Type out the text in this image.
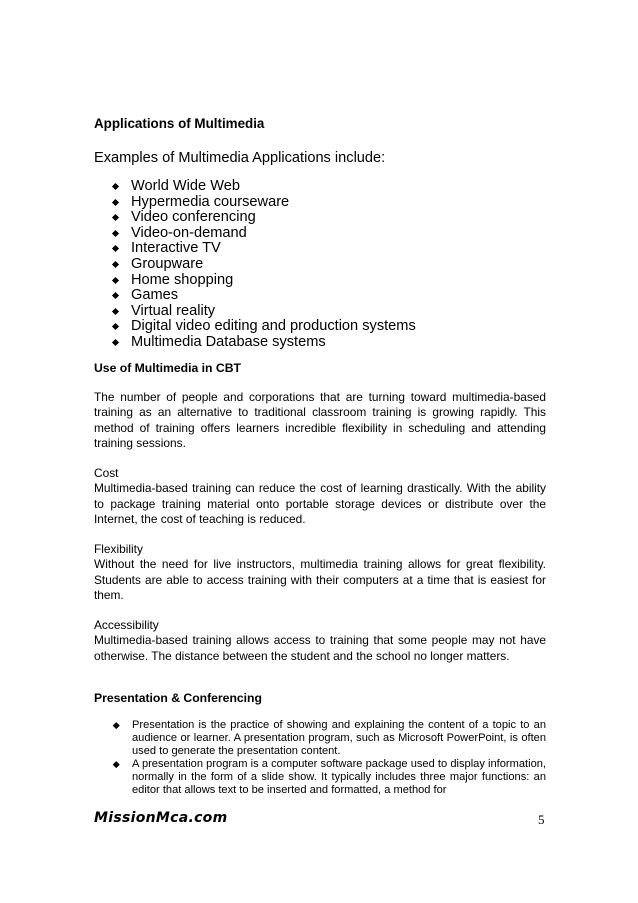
Applications of Multimedia

Examples of Multimedia Applications include:

World Wide Web
Hypermedia courseware
Video conferencing
Video-on-demand
Interactive TV
Groupware
Home shopping
Games
Virtual reality
Digital video editing and production systems
Multimedia Database systems

Use of Multimedia in CBT

The number of people and corporations that are turning toward multimedia-based training as an alternative to traditional classroom training is growing rapidly. This method of training offers learners incredible flexibility in scheduling and attending training sessions.

Cost

Multimedia-based training can reduce the cost of learning drastically. With the ability to package training material onto portable storage devices or distribute over the Internet, the cost of teaching is reduced.

Flexibility

Without the need for live instructors, multimedia training allows for great flexibility. Students are able to access training with their computers at a time that is easiest for them.

Accessibility

Multimedia-based training allows access to training that some people may not have otherwise. The distance between the student and the school no longer matters.

Presentation & Conferencing

Presentation is the practice of showing and explaining the content of a topic to an audience or learner. A presentation program, such as Microsoft PowerPoint, is often used to generate the presentation content.
A presentation program is a computer software package used to display information, normally in the form of a slide show. It typically includes three major functions: an editor that allows text to be inserted and formatted, a method for
MissionMca.com	5
